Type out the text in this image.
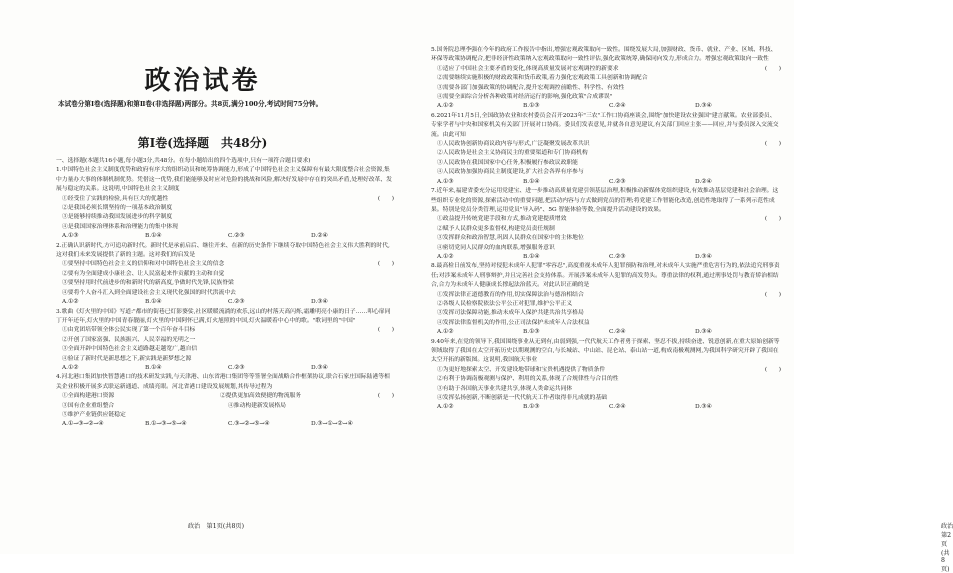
政治试卷
本试卷分第Ⅰ卷(选择题)和第Ⅱ卷(非选择题)两部分。共8页,满分100分,考试时间75分钟。
第Ⅰ卷(选择题　共48分)

一、选择题(本题共16小题,每小题3分,共48分。在每小题给出的四个选项中,只有一项符合题目要求)

1.中国特色社会主义制度优势和政府有序大的组织动员和统筹协调能力,形成了中国特色社会主义保障有有最大限度整合社会资源,集中力量办大事的体制机制优势。凭借这一优势,我们能能够及时应对危险的挑战和风险,解决好发展中存在的突出矛盾,处理好改革、发展与稳定的关系。这说明,中国特色社会主义制度

(　　)

①经受住了实践的检验,具有巨大的优越性

②是我国必须长期坚持的一项基本政治制度

③是能够持续推动我国发展进步的科学制度

④是我国国家治理体系和治理能力的集中体现

A.①③	B.①④	C.②③	D.②④

2.正确认识新时代,方可追功新时代。新时代是承前启后、继往开来、在新的历史条件下继续夺取中国特色社会主义伟大胜利的时代,这对我们未来发展提供了新的主题。这对我们的启发是

(　　)

①要坚持中国特色社会主义的信仰和对中国特色社会主义的信念

②要有为全面建成小康社会、让人民富起来作贡献的主动和自觉

③要坚持用时代前进步的和新时代的新高度,争做时代先锋,民族脊梁

④要将个人奋斗汇入到全面建设社会主义现代化强国的时代洪流中去

A.①②	B.①④	C.②③	D.③④

3.歌曲《灯火里的中国》写道:"都市的街巷已灯影婆娑,社区暖暖流淌的欢乐,远山的村落天高闪烁,霜雕明亮小康的日子……叩心扉同丁开年还年,灯火里的中国青春靓丽,灯火里的中国阿怀已满,灯火旭照的中国,灯火温暖着中心中的歌。"歌词里的"中国"

(　　)

①由党团培带领全体公民实现了第一个百年奋斗目标

②开创了国家富强、民族振兴、人民幸福的光明之一

③全面开辟中国特色社会主义道路越走越宽广,越自信

④验证了新时代是新思想之下,新实践是新梦想之源

A.①②	B.①④	C.②③	D.③④

4.河北港口集团加快智慧港口的技术研发实践,与天津港、山东省港口集团等等签署全面战略合作框架协议,联合石家庄国际陆港等相关企业积极开展多式联运新通道、成绩亮眼。河北省港口建设发展规划,其传导过程为

(　　)
①全面构建港口资源	②提供更加高效便捷的物流服务
③国有企业重组整合	④推动构建新发展格局
⑤维护产业链供应链稳定
A.①→③→②→④	B.①→③→⑤→④	C.③→②→⑤→④	D.③→①→②→④
政治　第1页(共8页)

5.国务院总理李强在今年的政府工作报告中指出,增强宏观政策取向一致性。围绕发展大局,加强财政、货币、就业、产业、区域、科技、环保等政策协调配合,把非经济性政策纳入宏观政策取向一致性评估,强化政策统筹,确保同向发力,形成合力。增强宏观政策取向一致性

(　　)

①适应了中国社会主要矛盾的变化,体现高质量发展对宏观调控的新要求

②需要继续实施积极的财政政策和货币政策,着力强化宏观政策工具创新和协调配合

③需要各部门加强政策的协调配合,提升宏观调控前瞻性、科学性、有效性

④需要全面综合分析各种政策对经济运行的影响,强化政策"合成谬误"

A.①②	B.①③	C.②④	D.③④

6.2021年11月5日,全国政协农业和农村委员会召开2023年"三农"工作口协商座谈会,围绕"加快建设农业强国"建言献策。农业部委员、专家学者与中央和国家机关有关部门开展对口协商。委员们发表意见,并就各自意见建议,有关部门回应主张——回应,并与委员深入交流交流。由此可知

(　　)

①人民政协创新协商议政内容与形式,广泛凝聚发展改革共识

②人民政协是社会主义协商民主的重要渠道和专门协商机构

③人民政协在我国国家中心任务,积极履行参政议政职能

④人民政协加强协商民主制度建设,扩大社会各界有序参与

A.①③	B.①④	C.②③	D.②④

7.近年来,福建省委充分运用党建宝、进一步推动高质量党建引领基层治理,积极推动新媒体党组织建设,有效推动基层党建和社会治理。这些组织专业化的资源,探索活动中的重要问题,把活动内容与方式做到党员的管理;将党建工作智能化改造,创造性地取得了一系列示范性成果。特别是党员分类管理,运用党员"导入码"、5G 智能体验等数,全面提升活动建设的效果。

(　　)

①政益提升传统党建手段和方式,推动党建提质增效

②赋予人民群众更多监督权,构建党员责任规制

③发挥群众和政治智慧,巩固人民群众在国家中的主体地位

④密切党同人民群众的血肉联系,增强服务意识

A.①②	B.①④	C.②③	D.③④

8.最高检日前发布,坚持对侵犯未成年人犯罪"零容忍",高度重视未成年人犯罪预防和治理,对未成年人实施严重危害行为的,依法追究刑事责任;对涉案未成年人刑事辩护,并且完善社会支持体系。开展涉案未成年人犯罪的高发势头。尊重法律的权利,通过刑事处罚与教育矫治相结合,合力为未成年人健康成长撑起法治蓝天。对此认识正确的是

(　　)

①发挥法律正道德教育的作用,切实保障法治与德治相结合

②各级人民检察院依法公平公正对犯罪,维护公平正义

③发挥司法保障功能,推动未成年人保护共建共治共享格局

④发挥法律监督机关的作用,公正司法保护未成年人合法权益

A.①②	B.①③	C.②④	D.③④

9.40年来,在党的领导下,我国围绕事业从无到有,由弱到强,一代代航天工作者勇于探索、坚忍不拔,持续奋进、锐意创新,在重大原始创新等领域取得了我国在太空开拓历史以期观测的空白,与长城站、中山站、昆仑站、泰山站一道,构成南极观测网,为我国科学研究开辟了我国在太空开拓的新版图。这说明,我国航天事业

(　　)

①为更好地探索太空、开发建设地带球和宝贵机遇提供了物质条件

②有利于协调南极观测与保护、利用的关系,体现了合规律性与合目的性

③有助于各国航天事业共建共享,体现人类命运共同体

④发挥弘扬创新,不断创新是一代代航天工作者取得非凡成就的基础

A.①②	B.①③	C.②④	D.③④
政治　第2页(共8页)
